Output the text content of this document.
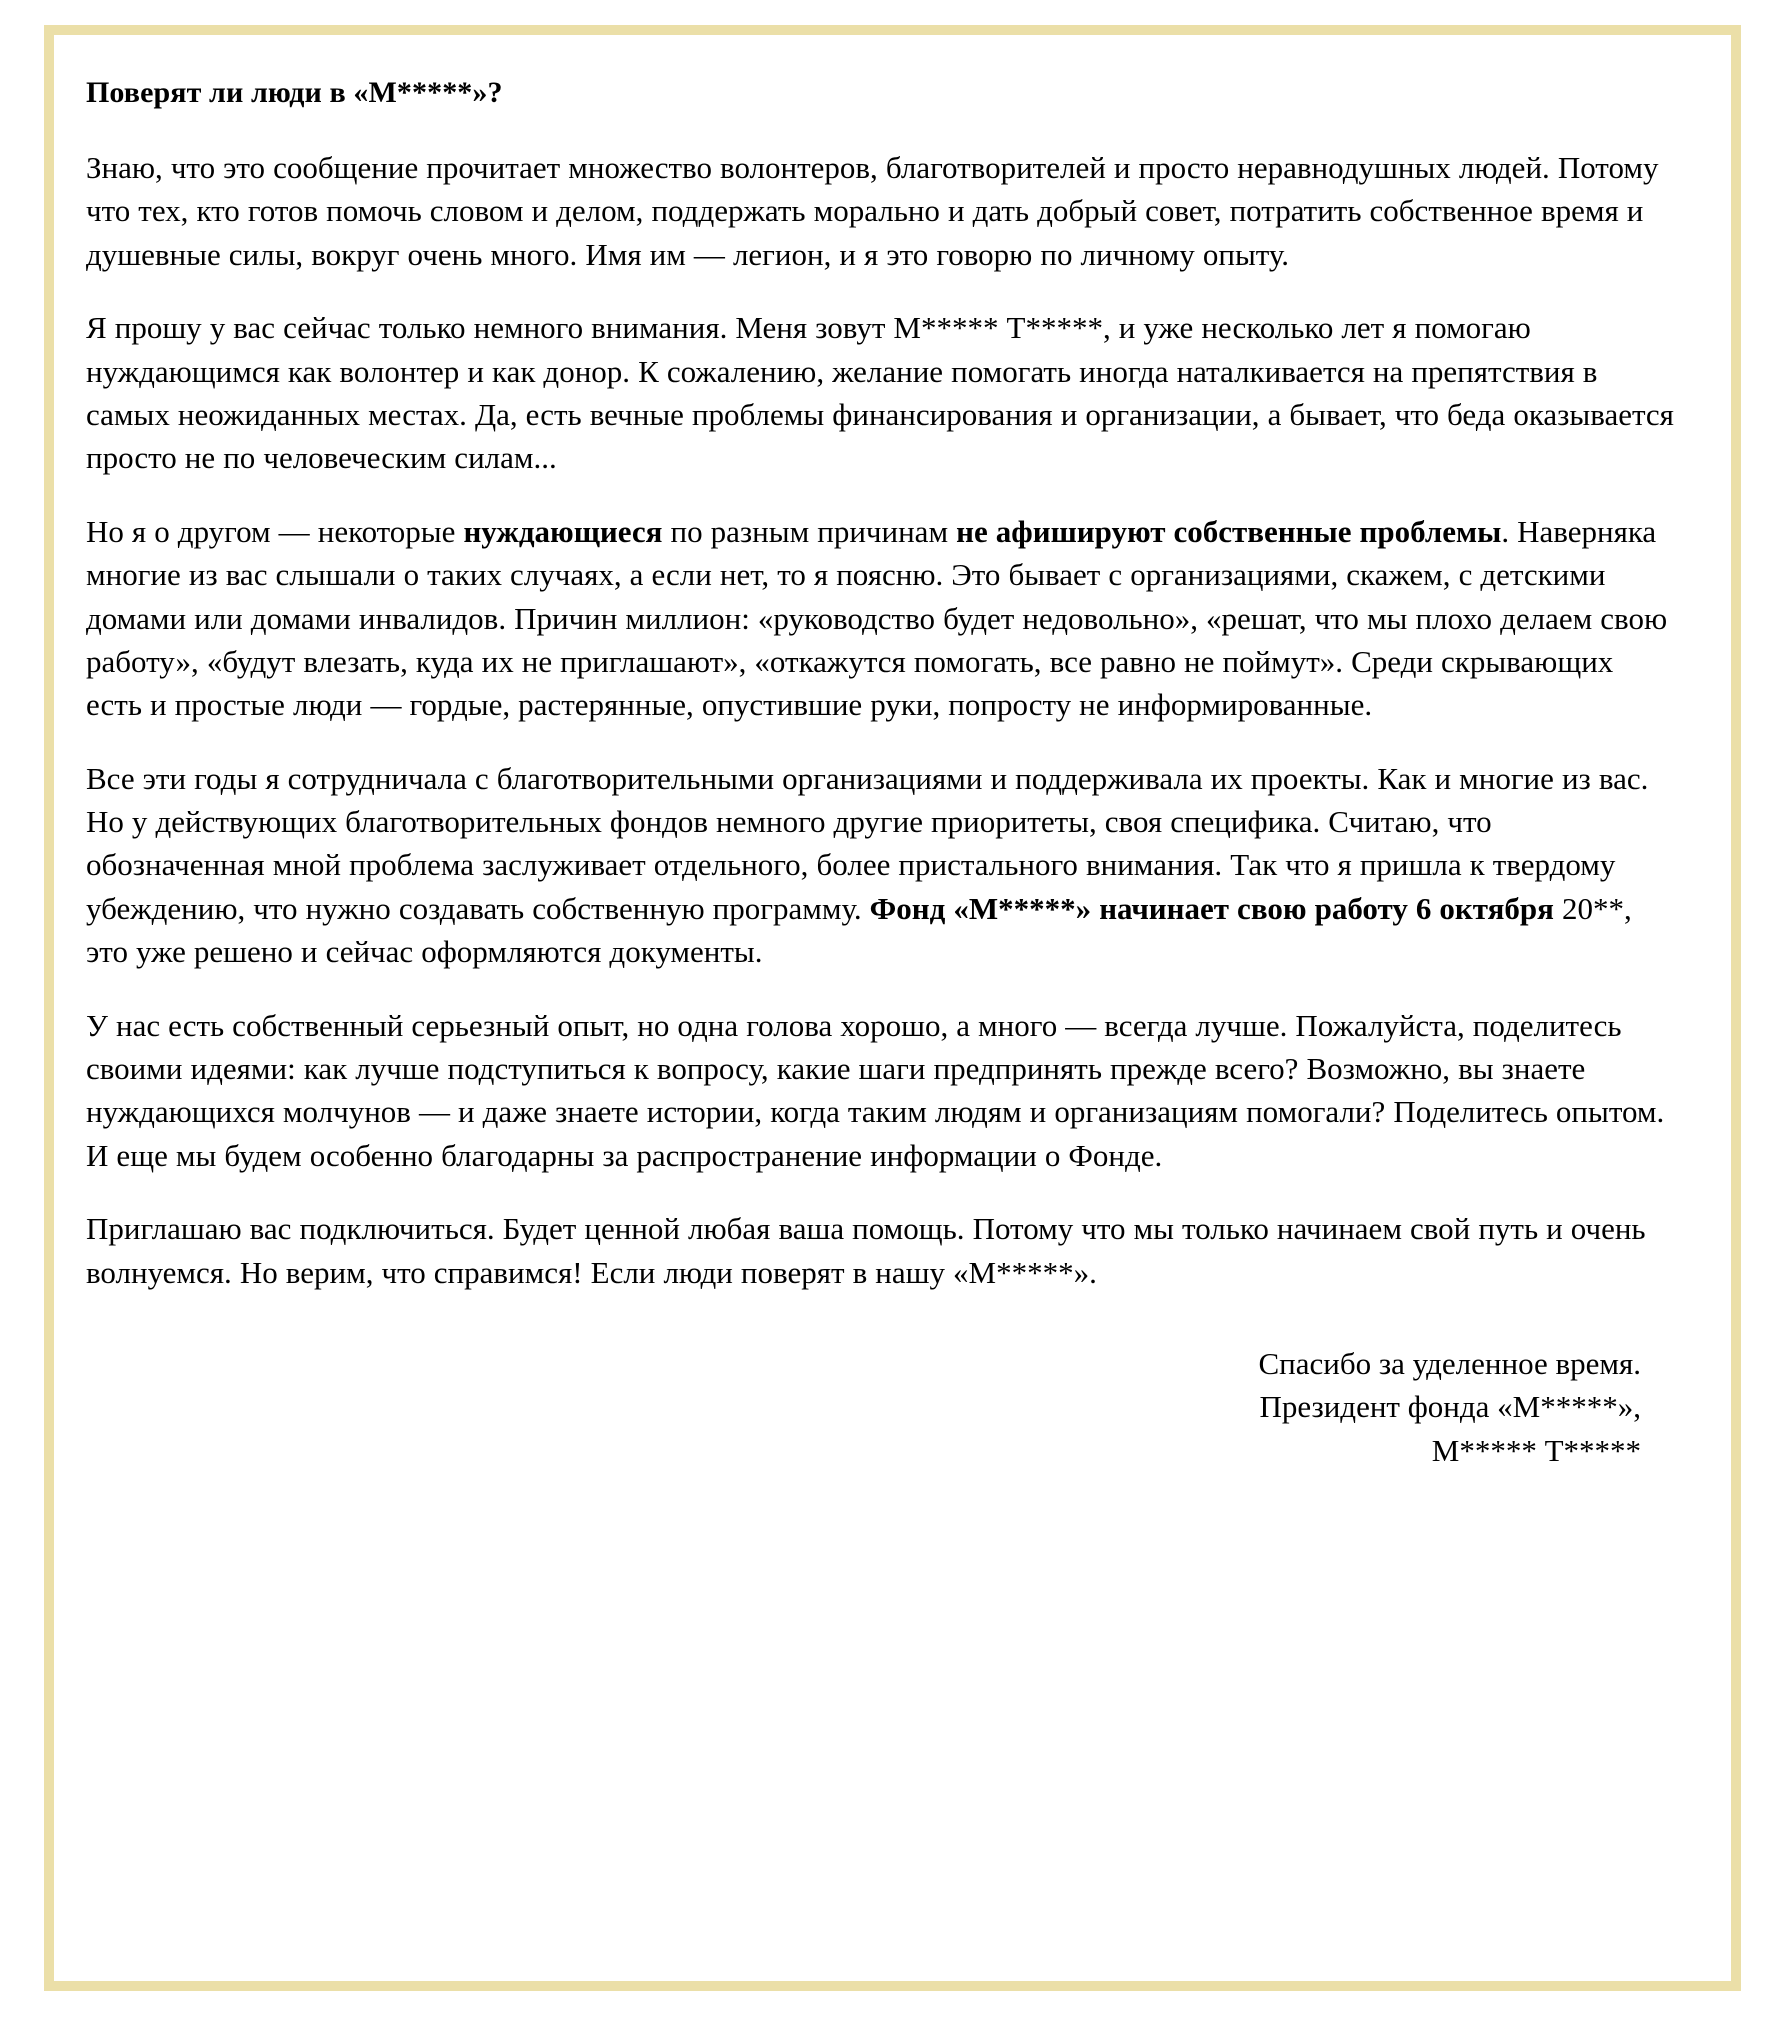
Поверят ли люди в «М*****»?
Знаю, что это сообщение прочитает множество волонтеров, благотворителей и просто неравнодушных людей. Потому что тех, кто готов помочь словом и делом, поддержать морально и дать добрый совет, потратить собственное время и душевные силы, вокруг очень много. Имя им — легион, и я это говорю по личному опыту.
Я прошу у вас сейчас только немного внимания. Меня зовут М***** Т*****, и уже несколько лет я помогаю нуждающимся как волонтер и как донор. К сожалению, желание помогать иногда наталкивается на препятствия в самых неожиданных местах. Да, есть вечные проблемы финансирования и организации, а бывает, что беда оказывается просто не по человеческим силам...
Но я о другом — некоторые нуждающиеся по разным причинам не афишируют собственные проблемы. Наверняка многие из вас слышали о таких случаях, а если нет, то я поясню. Это бывает с организациями, скажем, с детскими домами или домами инвалидов. Причин миллион: «руководство будет недовольно», «решат, что мы плохо делаем свою работу», «будут влезать, куда их не приглашают», «откажутся помогать, все равно не поймут». Среди скрывающих есть и простые люди — гордые, растерянные, опустившие руки, попросту не информированные.
Все эти годы я сотрудничала с благотворительными организациями и поддерживала их проекты. Как и многие из вас. Но у действующих благотворительных фондов немного другие приоритеты, своя специфика. Считаю, что обозначенная мной проблема заслуживает отдельного, более пристального внимания. Так что я пришла к твердому убеждению, что нужно создавать собственную программу. Фонд «М*****» начинает свою работу 6 октября 20**, это уже решено и сейчас оформляются документы.
У нас есть собственный серьезный опыт, но одна голова хорошо, а много — всегда лучше. Пожалуйста, поделитесь своими идеями: как лучше подступиться к вопросу, какие шаги предпринять прежде всего? Возможно, вы знаете нуждающихся молчунов — и даже знаете истории, когда таким людям и организациям помогали? Поделитесь опытом. И еще мы будем особенно благодарны за распространение информации о Фонде.
Приглашаю вас подключиться. Будет ценной любая ваша помощь. Потому что мы только начинаем свой путь и очень волнуемся. Но верим, что справимся! Если люди поверят в нашу «М*****».
Спасибо за уделенное время.
Президент фонда «М*****»,
М***** Т*****
